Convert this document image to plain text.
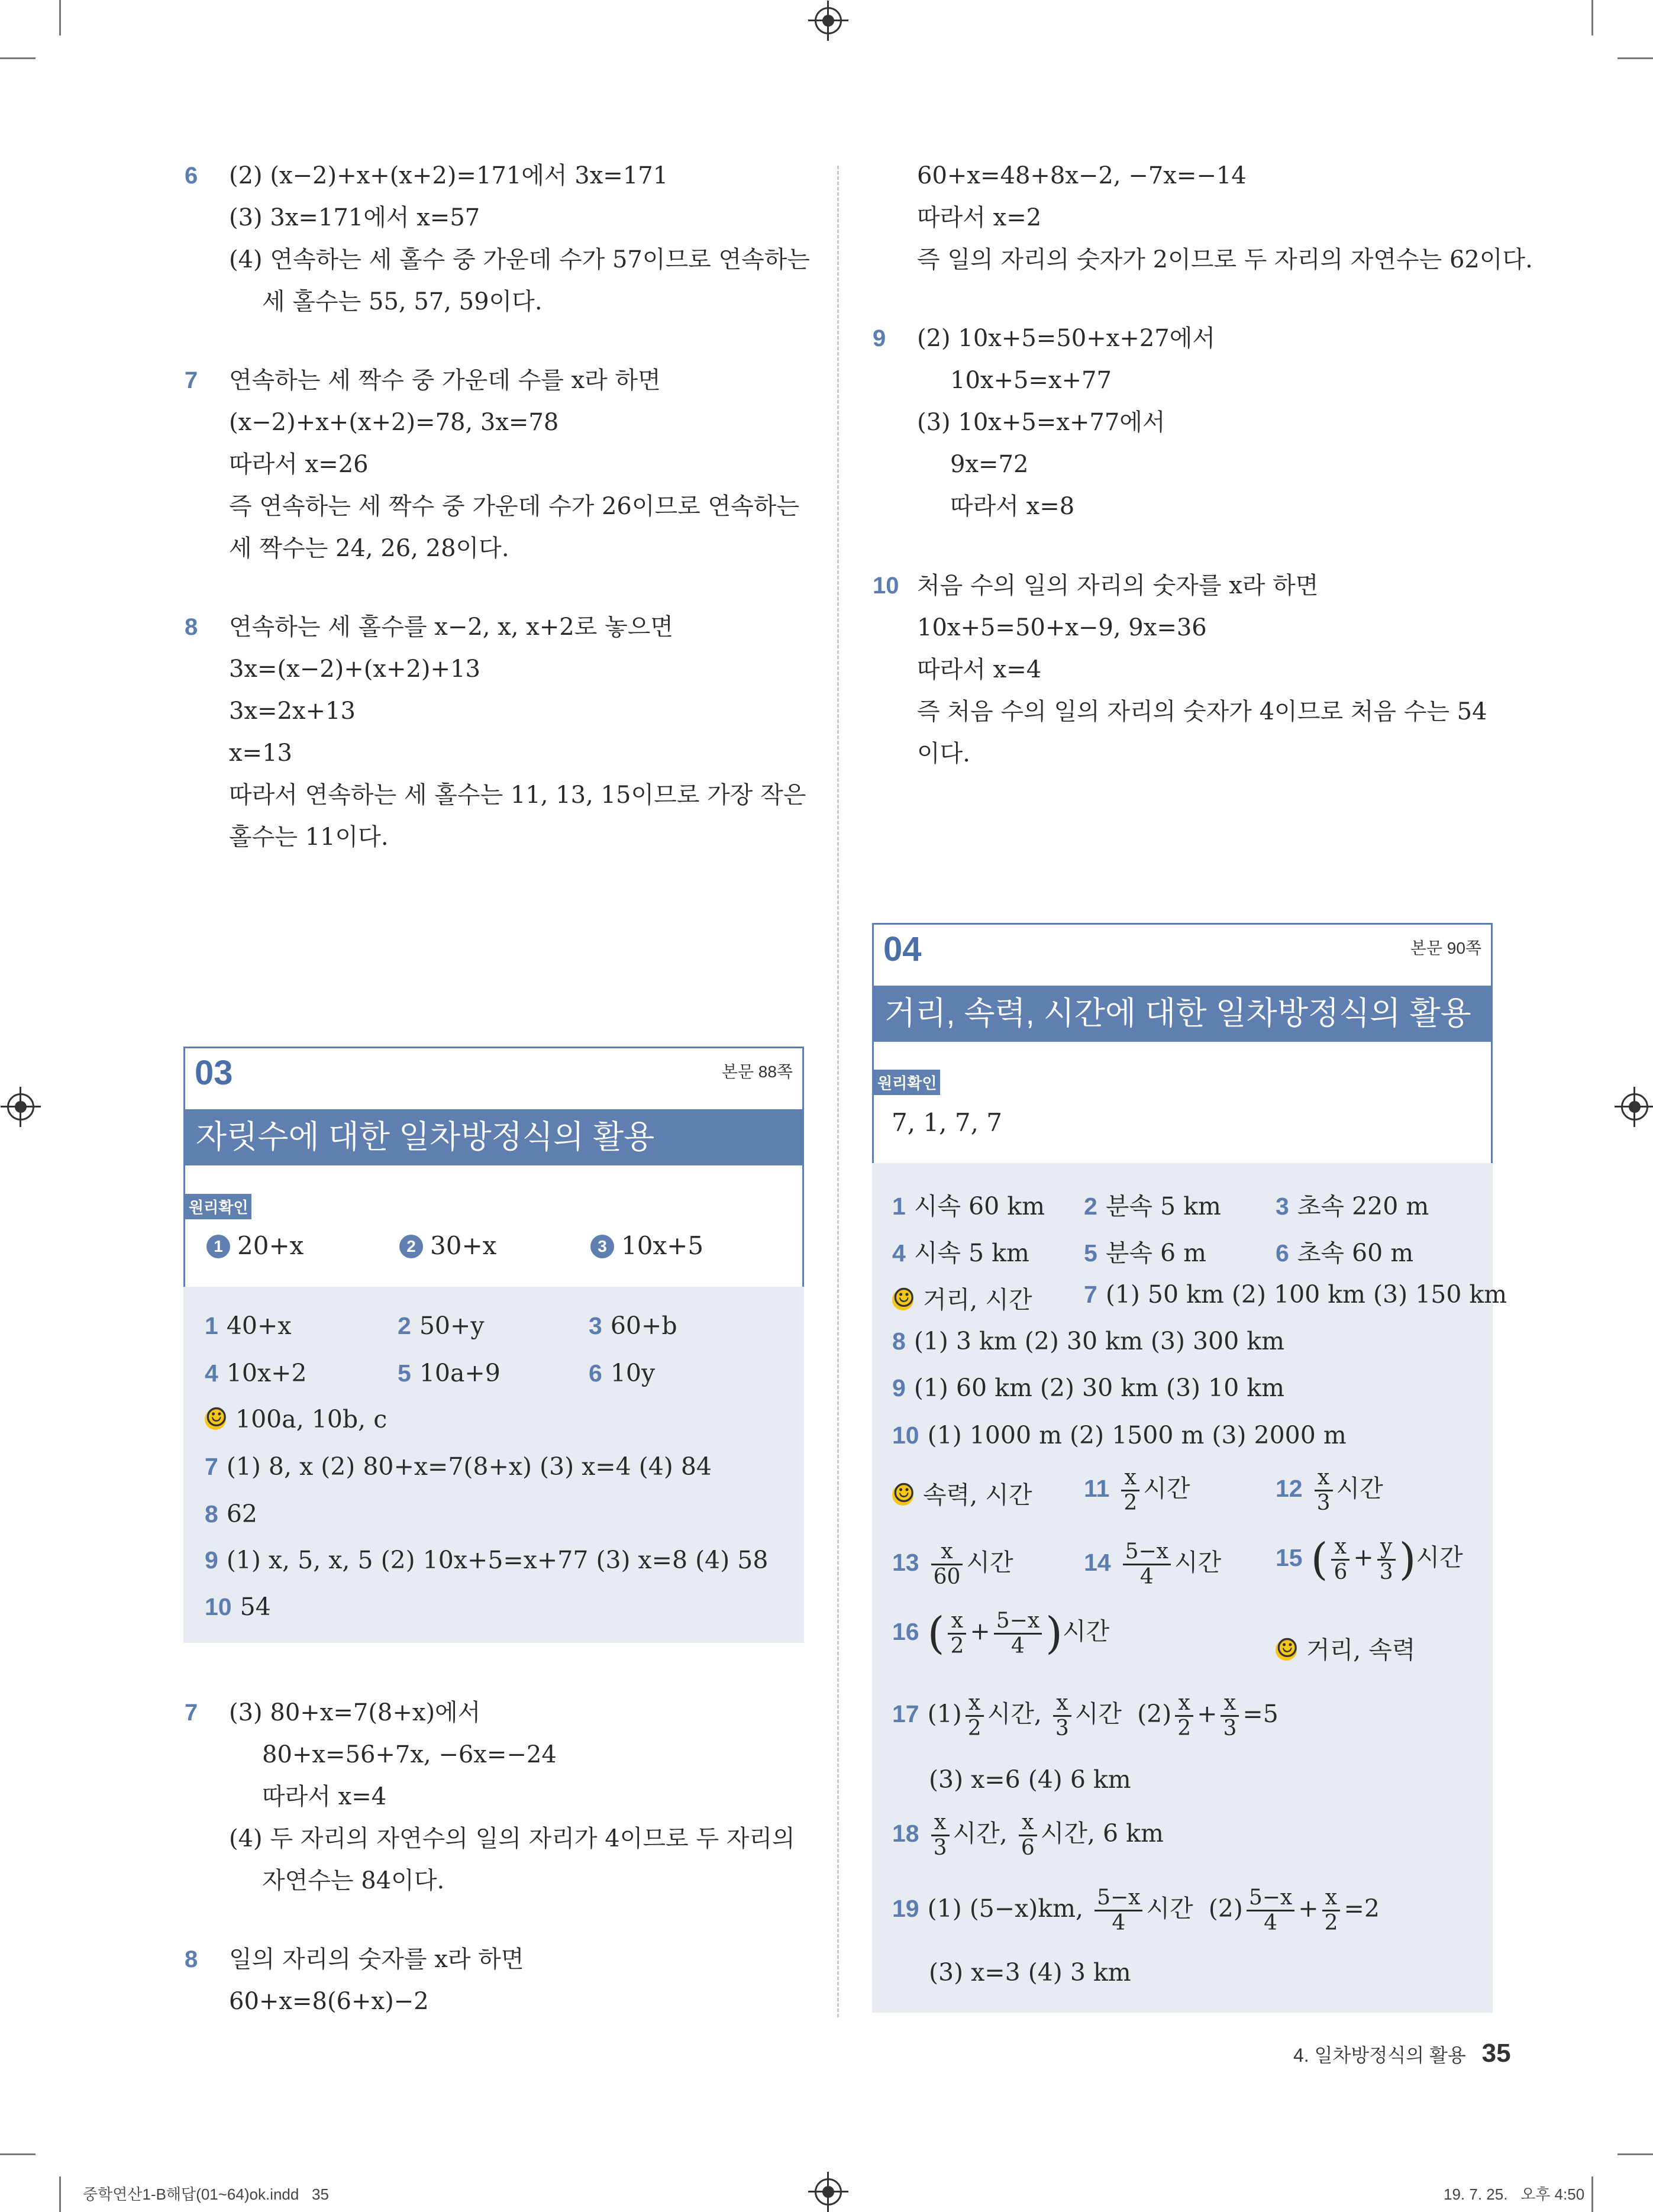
6 (2) (x−2)+x+(x+2)=171에서 3x=171
(3) 3x=171에서 x=57
(4) 연속하는 세 홀수 중 가운데 수가 57이므로 연속하는
세 홀수는 55, 57, 59이다.
7 연속하는 세 짝수 중 가운데 수를 x라 하면
(x−2)+x+(x+2)=78, 3x=78
따라서 x=26
즉 연속하는 세 짝수 중 가운데 수가 26이므로 연속하는
세 짝수는 24, 26, 28이다.
8 연속하는 세 홀수를 x−2, x, x+2로 놓으면
3x=(x−2)+(x+2)+13
3x=2x+13
x=13
따라서 연속하는 세 홀수는 11, 13, 15이므로 가장 작은
홀수는 11이다.
03	본문 88쪽
자릿수에 대한 일차방정식의 활용
원리확인
1 20+x	2 30+x	3 10x+5
1 40+x	2 50+y	3 60+b
4 10x+2	5 10a+9	6 10y
☺100a, 10b, c
7 (1) 8, x (2) 80+x=7(8+x) (3) x=4 (4) 84
8 62
9 (1) x, 5, x, 5 (2) 10x+5=x+77 (3) x=8 (4) 58
10 54
7 (3) 80+x=7(8+x)에서
80+x=56+7x, −6x=−24
따라서 x=4
(4) 두 자리의 자연수의 일의 자리가 4이므로 두 자리의
자연수는 84이다.
8 일의 자리의 숫자를 x라 하면
60+x=8(6+x)−2
60+x=48+8x−2, −7x=−14
따라서 x=2
즉 일의 자리의 숫자가 2이므로 두 자리의 자연수는 62이다.
9 (2) 10x+5=50+x+27에서
10x+5=x+77
(3) 10x+5=x+77에서
9x=72
따라서 x=8
10 처음 수의 일의 자리의 숫자를 x라 하면
10x+5=50+x−9, 9x=36
따라서 x=4
즉 처음 수의 일의 자리의 숫자가 4이므로 처음 수는 54
이다.
04	본문 90쪽
거리, 속력, 시간에 대한 일차방정식의 활용
원리확인
7, 1, 7, 7
1 시속 60 km 2 분속 5 km 3 초속 220 m
4 시속 5 km 5 분속 6 m	6 초속 60 m
☺거리, 시간 7 (1) 50 km (2) 100 km (3) 150 km
8 (1) 3 km (2) 30 km (3) 300 km
9 (1) 60 km (2) 30 km (3) 10 km
10 (1) 1000 m (2) 1500 m (3) 2000 m
☺속력, 시간 $11 \frac{x}{2}$ 시간	$12 \frac{x}{3}$ 시간
$13 \frac{x}{60}$ 시간	$14 \frac{5-x}{4}$ 시간 15 ( $\frac{x}{6} + \frac{y}{3}$ )시간
16 ( $\frac{x}{2} + \frac{5-x}{4}$ )시간
☺거리, 속력
17 $(1) \frac{x}{2}$ 시간, $\frac{x}{3}$ 시간 $(2) \frac{x}{2} + \frac{x}{3} =5$
(3) x=6 (4) 6 km
$18 \frac{x}{3}$ 시간, $\frac{x}{6}$ 시간, 6 km
19 (1) (5−x)km, $\frac{5-x}{4}$ 시간 $(2) \frac{5-x}{4} + \frac{x}{2} =2$
(3) x=3 (4) 3 km
4. 일차방정식의 활용 35
중학연산1-B해답(01~64)ok.indd   35	19. 7. 25.   오후 4:50
